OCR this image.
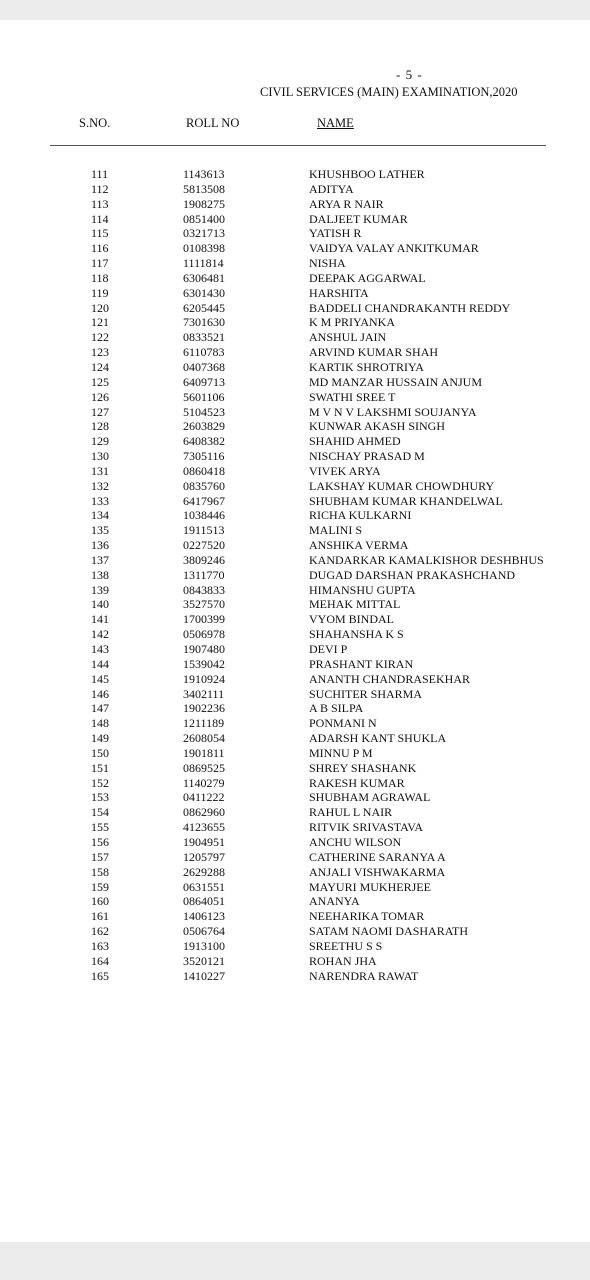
- 5 -
CIVIL SERVICES (MAIN) EXAMINATION,2020
S.NO.	ROLL NO	NAME
111	1143613	KHUSHBOO LATHER
112	5813508	ADITYA
113	1908275	ARYA R NAIR
114	0851400	DALJEET KUMAR
115	0321713	YATISH R
116	0108398	VAIDYA VALAY ANKITKUMAR
117	1111814	NISHA
118	6306481	DEEPAK AGGARWAL
119	6301430	HARSHITA
120	6205445	BADDELI CHANDRAKANTH REDDY
121	7301630	K M PRIYANKA
122	0833521	ANSHUL JAIN
123	6110783	ARVIND KUMAR SHAH
124	0407368	KARTIK SHROTRIYA
125	6409713	MD MANZAR HUSSAIN ANJUM
126	5601106	SWATHI SREE T
127	5104523	M V N V LAKSHMI SOUJANYA
128	2603829	KUNWAR AKASH SINGH
129	6408382	SHAHID AHMED
130	7305116	NISCHAY PRASAD M
131	0860418	VIVEK ARYA
132	0835760	LAKSHAY KUMAR CHOWDHURY
133	6417967	SHUBHAM KUMAR KHANDELWAL
134	1038446	RICHA KULKARNI
135	1911513	MALINI S
136	0227520	ANSHIKA VERMA
137	3809246	KANDARKAR KAMALKISHOR DESHBHUS
138	1311770	DUGAD DARSHAN PRAKASHCHAND
139	0843833	HIMANSHU GUPTA
140	3527570	MEHAK MITTAL
141	1700399	VYOM BINDAL
142	0506978	SHAHANSHA K S
143	1907480	DEVI P
144	1539042	PRASHANT KIRAN
145	1910924	ANANTH CHANDRASEKHAR
146	3402111	SUCHITER SHARMA
147	1902236	A B SILPA
148	1211189	PONMANI N
149	2608054	ADARSH KANT SHUKLA
150	1901811	MINNU P M
151	0869525	SHREY SHASHANK
152	1140279	RAKESH KUMAR
153	0411222	SHUBHAM AGRAWAL
154	0862960	RAHUL L NAIR
155	4123655	RITVIK SRIVASTAVA
156	1904951	ANCHU WILSON
157	1205797	CATHERINE SARANYA A
158	2629288	ANJALI VISHWAKARMA
159	0631551	MAYURI MUKHERJEE
160	0864051	ANANYA
161	1406123	NEEHARIKA TOMAR
162	0506764	SATAM NAOMI DASHARATH
163	1913100	SREETHU S S
164	3520121	ROHAN JHA
165	1410227	NARENDRA RAWAT
